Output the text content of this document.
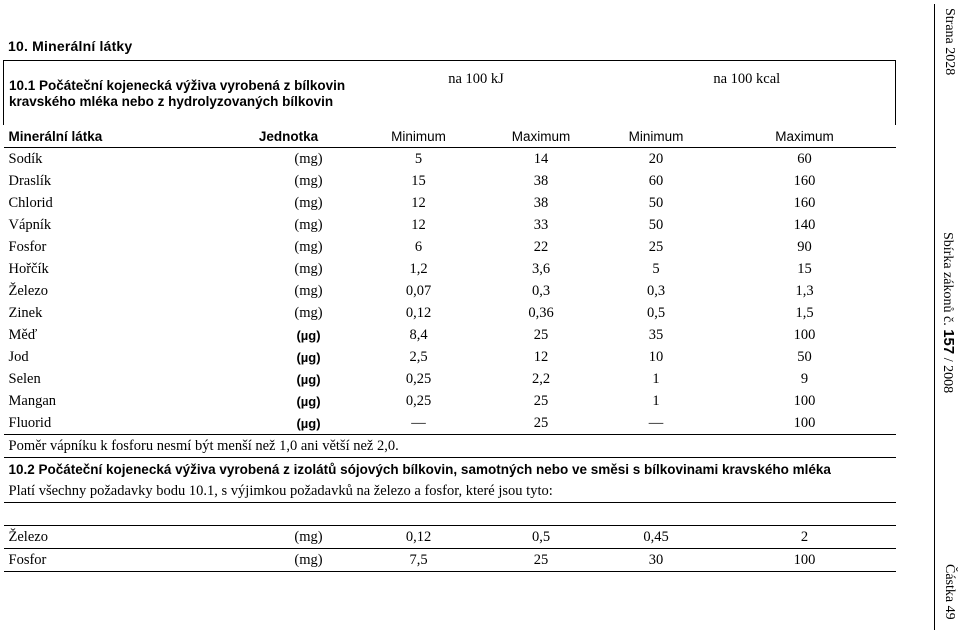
10. Minerální látky
10.1 Počáteční kojenecká výživa vyrobená z bílkovin kravského mléka nebo z hydrolyzovaných bílkovin		na 100 kJ		na 100 kcal	
Minerální látka	Jednotka	Minimum	Maximum	Minimum	Maximum
Sodík	(mg)	5	14	20	60
Draslík	(mg)	15	38	60	160
Chlorid	(mg)	12	38	50	160
Vápník	(mg)	12	33	50	140
Fosfor	(mg)	6	22	25	90
Hořčík	(mg)	1,2	3,6	5	15
Železo	(mg)	0,07	0,3	0,3	1,3
Zinek	(mg)	0,12	0,36	0,5	1,5
Měď	(µg)	8,4	25	35	100
Jod	(µg)	2,5	12	10	50
Selen	(µg)	0,25	2,2	1	9
Mangan	(µg)	0,25	25	1	100
Fluorid	(µg)	—	25	—	100
Poměr vápníku k fosforu nesmí být menší než 1,0 ani větší než 2,0.					
10.2 Počáteční kojenecká výživa vyrobená z izolátů sójových bílkovin, samotných nebo ve směsi s bílkovinami kravského mléka					
Platí všechny požadavky bodu 10.1, s výjimkou požadavků na železo a fosfor, které jsou tyto:					

Železo	(mg)	0,12	0,5	0,45	2
Fosfor	(mg)	7,5	25	30	100
Strana 2028
Sbírka zákonů č. 157 / 2008
Částka 49
